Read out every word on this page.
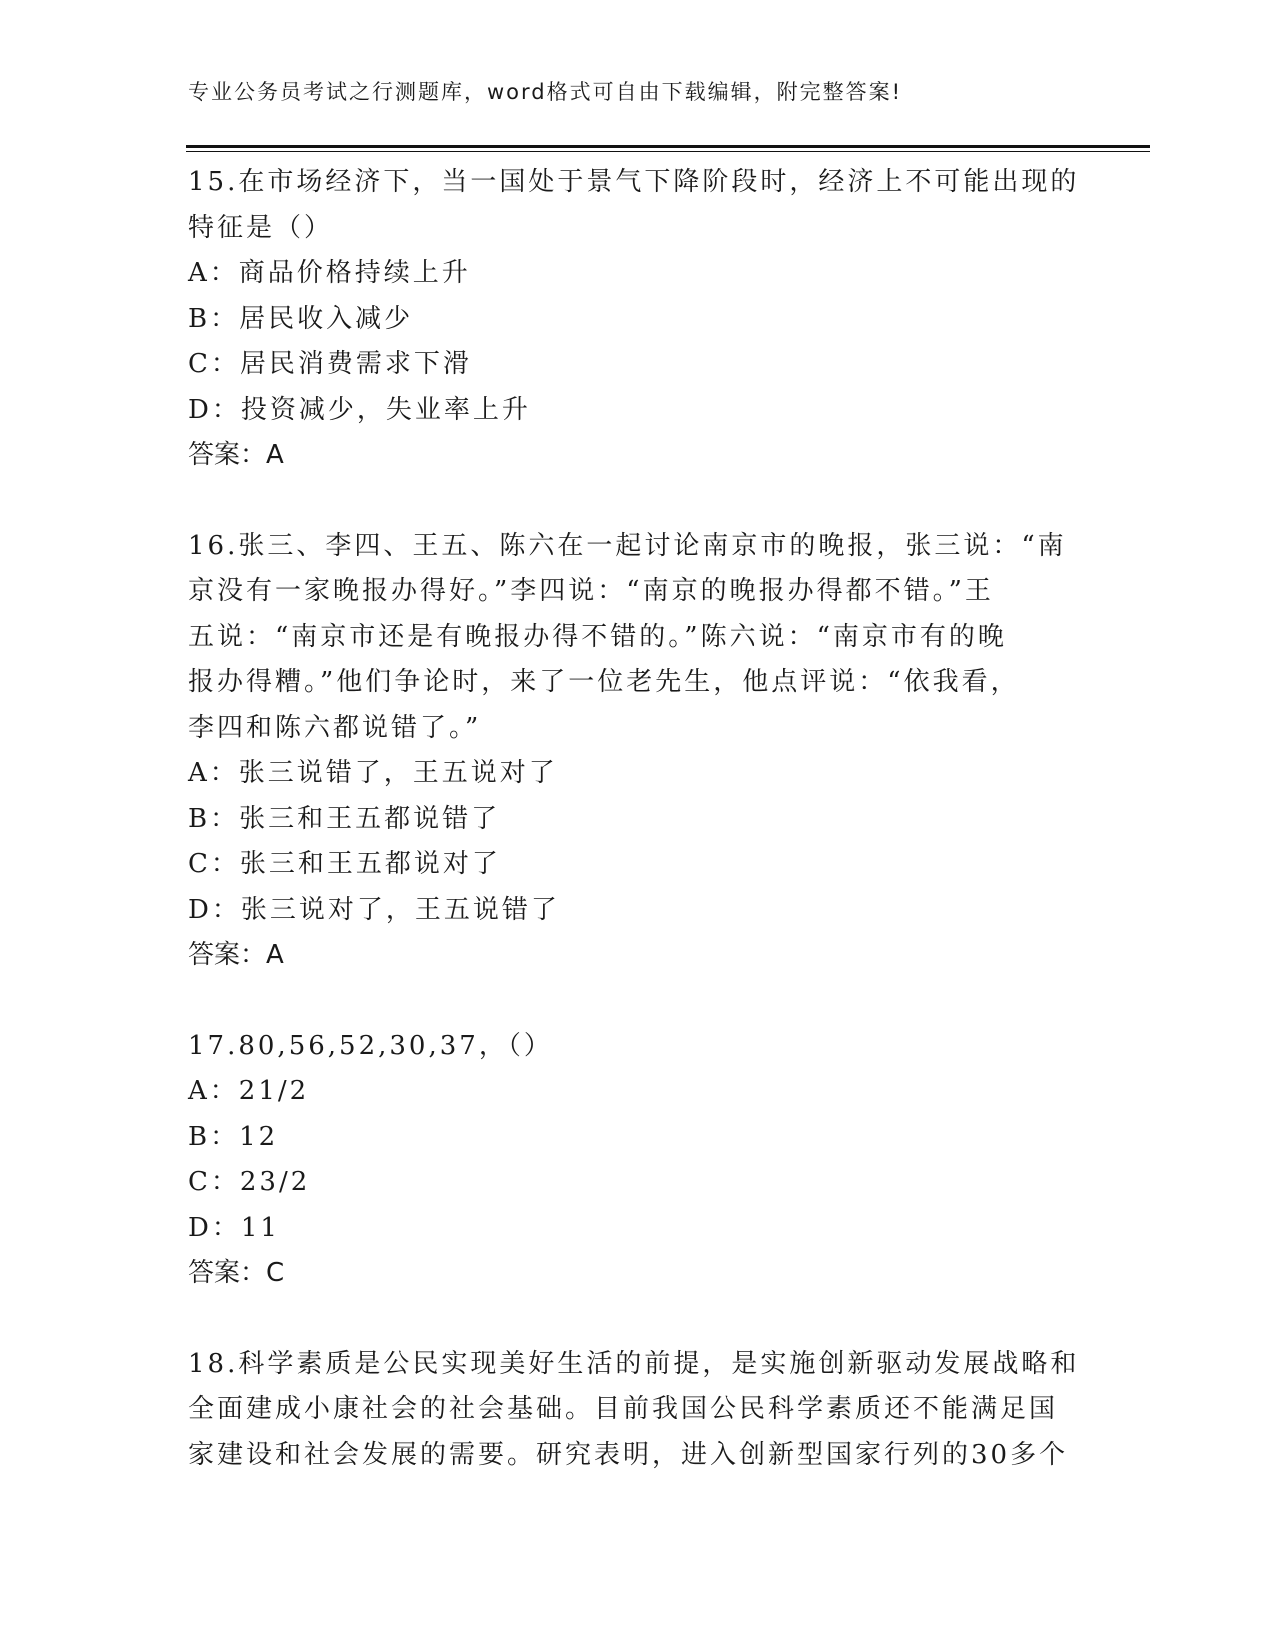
专业公务员考试之行测题库，word格式可自由下载编辑，附完整答案!
15.在市场经济下，当一国处于景气下降阶段时，经济上不可能出现的
特征是（）
A：商品价格持续上升
B：居民收入减少
C：居民消费需求下滑
D：投资减少，失业率上升
答案：A
16.张三、李四、王五、陈六在一起讨论南京市的晚报，张三说：“南
京没有一家晚报办得好。”李四说：“南京的晚报办得都不错。”王
五说：“南京市还是有晚报办得不错的。”陈六说：“南京市有的晚
报办得糟。”他们争论时，来了一位老先生，他点评说：“依我看，
李四和陈六都说错了。”
A：张三说错了，王五说对了
B：张三和王五都说错了
C：张三和王五都说对了
D：张三说对了，王五说错了
答案：A
17.80,56,52,30,37，（）
A：21/2
B：12
C：23/2
D：11
答案：C
18.科学素质是公民实现美好生活的前提，是实施创新驱动发展战略和
全面建成小康社会的社会基础。目前我国公民科学素质还不能满足国
家建设和社会发展的需要。研究表明，进入创新型国家行列的30多个
